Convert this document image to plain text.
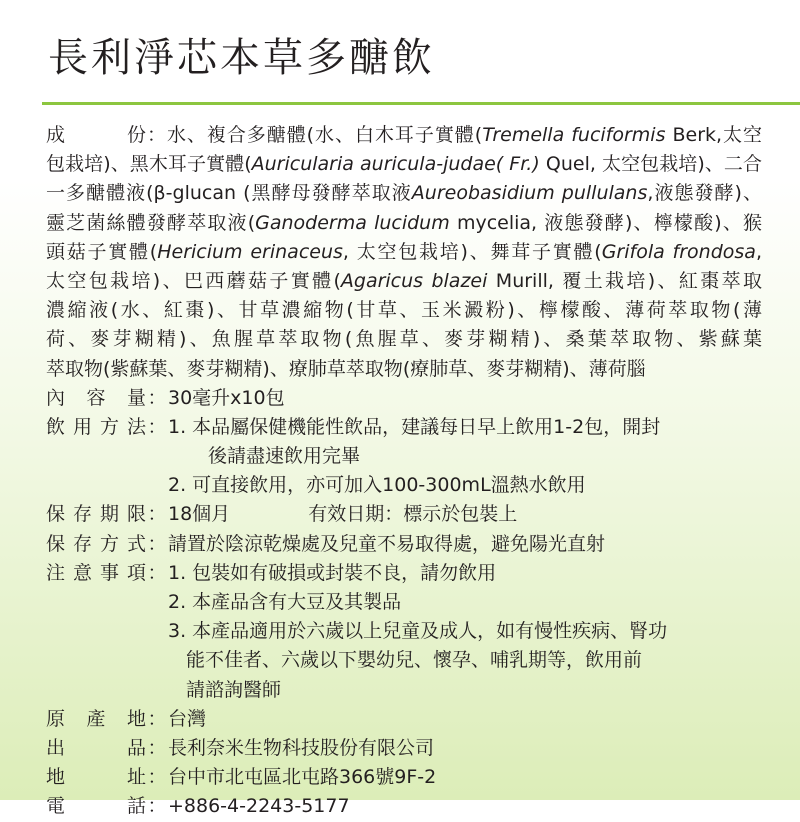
長利淨芯本草多醣飲
成　　份：水、複合多醣體(水、白木耳子實體(Tremella fuciformis Berk,太空
包栽培)、黑木耳子實體(Auricularia auricula-judae( Fr.) Quel, 太空包栽培)、二合
一多醣體液(β-glucan (黑酵母發酵萃取液Aureobasidium pullulans,液態發酵)、
靈芝菌絲體發酵萃取液(Ganoderma lucidum mycelia, 液態發酵)、檸檬酸)、猴
頭菇子實體(Hericium erinaceus, 太空包栽培)、舞茸子實體(Grifola frondosa,
太空包栽培)、巴西蘑菇子實體(Agaricus blazei Murill, 覆土栽培)、紅棗萃取
濃縮液(水、紅棗)、甘草濃縮物(甘草、玉米澱粉)、檸檬酸、薄荷萃取物(薄
荷、麥芽糊精)、魚腥草萃取物(魚腥草、麥芽糊精)、桑葉萃取物、紫蘇葉
萃取物(紫蘇葉、麥芽糊精)、療肺草萃取物(療肺草、麥芽糊精)、薄荷腦
內 容 量 ： 30毫升x10包
飲用方法 ： 1. 本品屬保健機能性飲品，建議每日早上飲用1-2包，開封
後請盡速飲用完畢
2. 可直接飲用，亦可加入100-300mL溫熱水飲用
保存期限 ： 18個月	有效日期：標示於包裝上
保存方式 ： 請置於陰涼乾燥處及兒童不易取得處，避免陽光直射
注意事項 ： 1. 包裝如有破損或封裝不良，請勿飲用
2. 本產品含有大豆及其製品
3. 本產品適用於六歲以上兒童及成人，如有慢性疾病、腎功
能不佳者、六歲以下嬰幼兒、懷孕、哺乳期等，飲用前
請諮詢醫師
原 產 地 ： 台灣
出　　品 ： 長利奈米生物科技股份有限公司
地　　址 ： 台中市北屯區北屯路366號9F-2
電　　話 ： +886-4-2243-5177
